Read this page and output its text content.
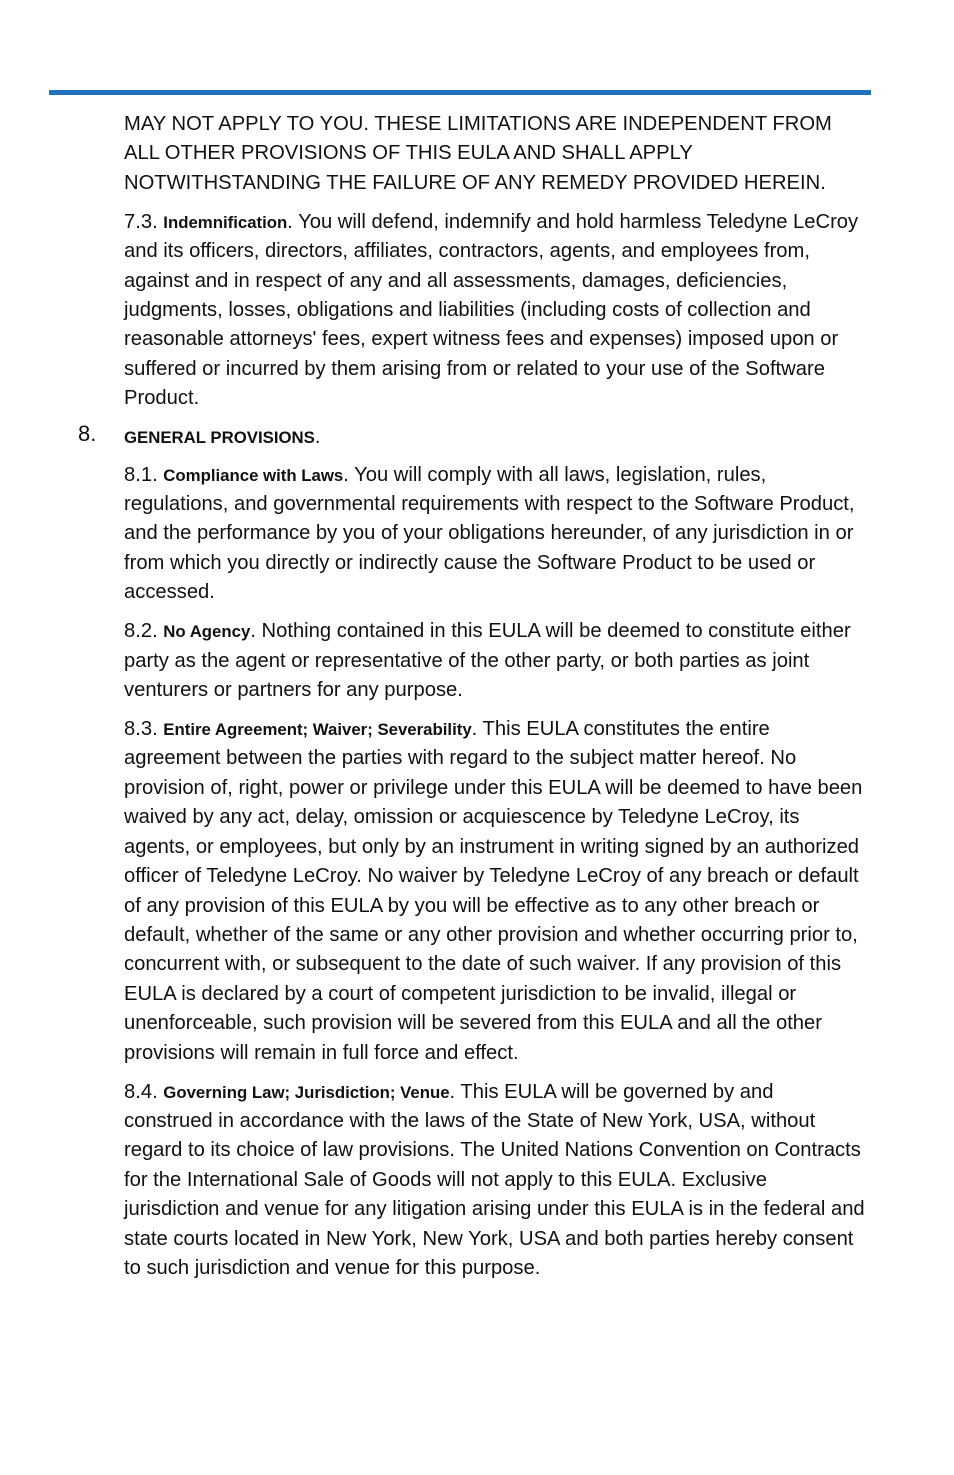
MAY NOT APPLY TO YOU. THESE LIMITATIONS ARE INDEPENDENT FROM ALL OTHER PROVISIONS OF THIS EULA AND SHALL APPLY NOTWITHSTANDING THE FAILURE OF ANY REMEDY PROVIDED HEREIN.

7.3. Indemnification. You will defend, indemnify and hold harmless Teledyne LeCroy and its officers, directors, affiliates, contractors, agents, and employees from, against and in respect of any and all assessments, damages, deficiencies, judgments, losses, obligations and liabilities (including costs of collection and reasonable attorneys' fees, expert witness fees and expenses) imposed upon or suffered or incurred by them arising from or related to your use of the Software Product.

8. GENERAL PROVISIONS.

8.1. Compliance with Laws. You will comply with all laws, legislation, rules, regulations, and governmental requirements with respect to the Software Product, and the performance by you of your obligations hereunder, of any jurisdiction in or from which you directly or indirectly cause the Software Product to be used or accessed.

8.2. No Agency. Nothing contained in this EULA will be deemed to constitute either party as the agent or representative of the other party, or both parties as joint venturers or partners for any purpose.

8.3. Entire Agreement; Waiver; Severability. This EULA constitutes the entire agreement between the parties with regard to the subject matter hereof. No provision of, right, power or privilege under this EULA will be deemed to have been waived by any act, delay, omission or acquiescence by Teledyne LeCroy, its agents, or employees, but only by an instrument in writing signed by an authorized officer of Teledyne LeCroy. No waiver by Teledyne LeCroy of any breach or default of any provision of this EULA by you will be effective as to any other breach or default, whether of the same or any other provision and whether occurring prior to, concurrent with, or subsequent to the date of such waiver. If any provision of this EULA is declared by a court of competent jurisdiction to be invalid, illegal or unenforceable, such provision will be severed from this EULA and all the other provisions will remain in full force and effect.

8.4. Governing Law; Jurisdiction; Venue. This EULA will be governed by and construed in accordance with the laws of the State of New York, USA, without regard to its choice of law provisions. The United Nations Convention on Contracts for the International Sale of Goods will not apply to this EULA. Exclusive jurisdiction and venue for any litigation arising under this EULA is in the federal and state courts located in New York, New York, USA and both parties hereby consent to such jurisdiction and venue for this purpose.
